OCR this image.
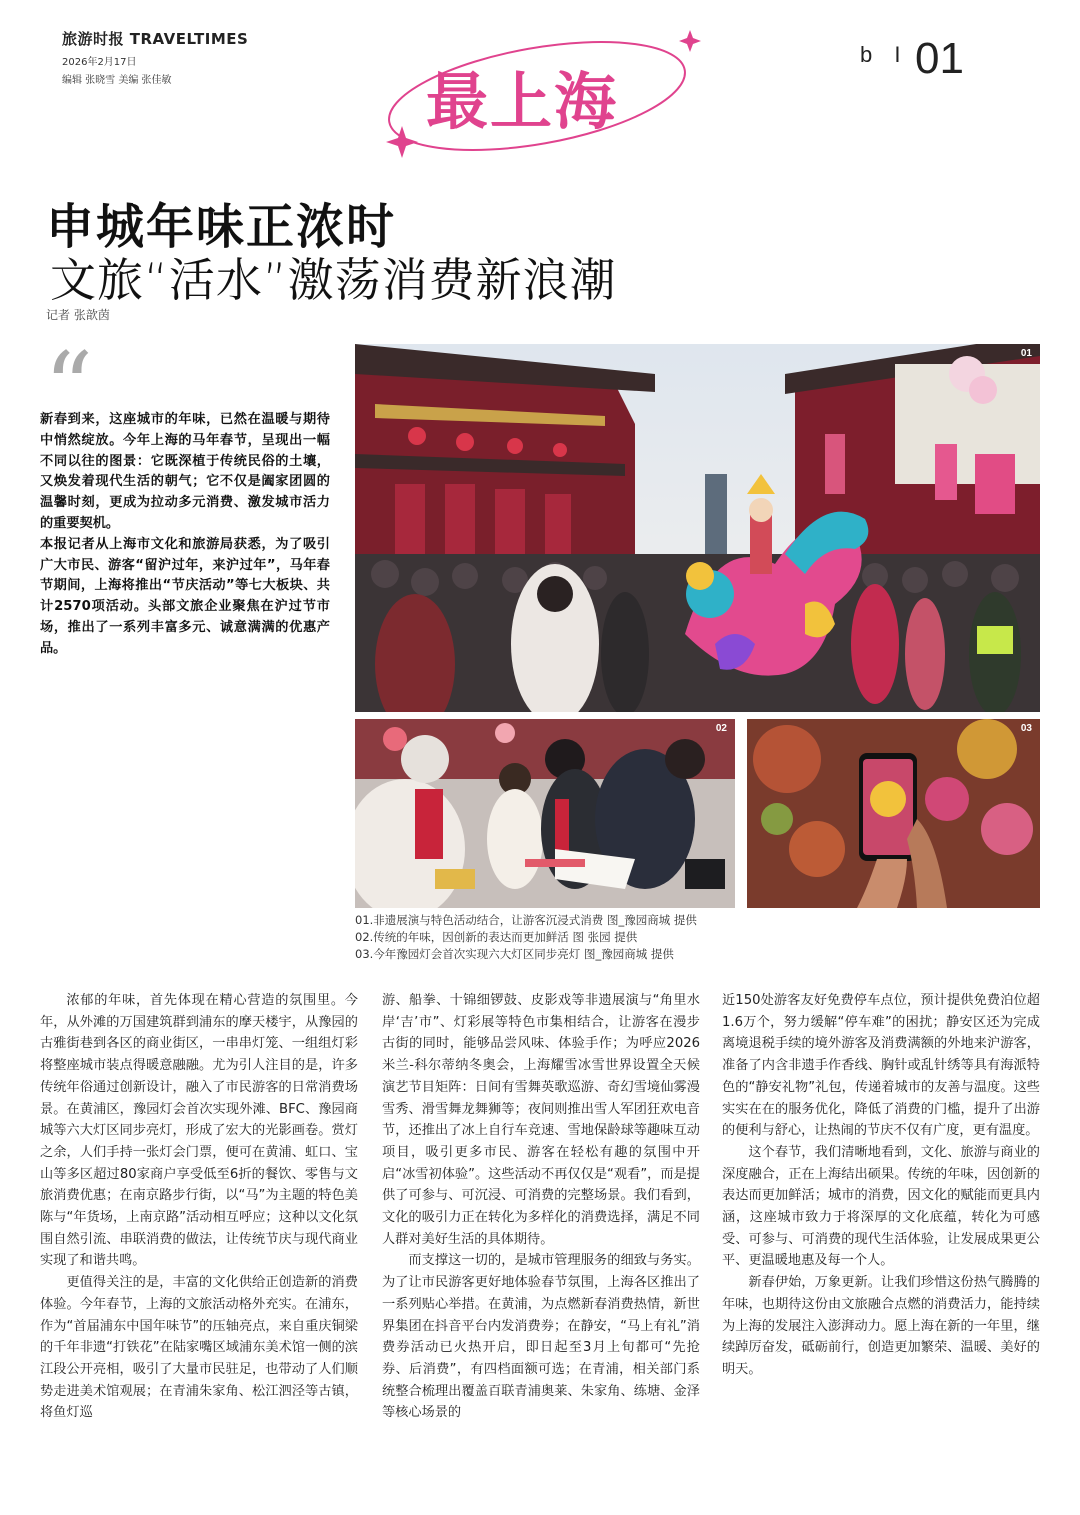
旅游时报 TRAVELTIMES
2026年2月17日
编辑 张晓雪 美编 张佳敏	最上海
b I 01
申城年味正浓时
文旅“活水”激荡消费新浪潮
记者 张歆茵
“

新春到来，这座城市的年味，已然在温暖与期待中悄然绽放。今年上海的马年春节，呈现出一幅不同以往的图景：它既深植于传统民俗的土壤，又焕发着现代生活的朝气；它不仅是阖家团圆的温馨时刻，更成为拉动多元消费、激发城市活力的重要契机。

本报记者从上海市文化和旅游局获悉，为了吸引广大市民、游客“留沪过年，来沪过年”，马年春节期间，上海将推出“节庆活动”等七大板块、共计2570项活动。头部文旅企业聚焦在沪过节市场，推出了一系列丰富多元、诚意满满的优惠产品。

01
02	03
01.非遗展演与特色活动结合，让游客沉浸式消费 图_豫园商城 提供
02.传统的年味，因创新的表达而更加鲜活 图 张园 提供
03.今年豫园灯会首次实现六大灯区同步亮灯 图_豫园商城 提供

浓郁的年味，首先体现在精心营造的氛围里。今年，从外滩的万国建筑群到浦东的摩天楼宇，从豫园的古雅街巷到各区的商业街区，一串串灯笼、一组组灯彩将整座城市装点得暖意融融。尤为引人注目的是，许多传统年俗通过创新设计，融入了市民游客的日常消费场景。在黄浦区，豫园灯会首次实现外滩、BFC、豫园商城等六大灯区同步亮灯，形成了宏大的光影画卷。赏灯之余，人们手持一张灯会门票，便可在黄浦、虹口、宝山等多区超过80家商户享受低至6折的餐饮、零售与文旅消费优惠；在南京路步行街，以“马”为主题的特色美陈与“年货场，上南京路”活动相互呼应；这种以文化氛围自然引流、串联消费的做法，让传统节庆与现代商业实现了和谐共鸣。

更值得关注的是，丰富的文化供给正创造新的消费体验。今年春节，上海的文旅活动格外充实。在浦东，作为“首届浦东中国年味节”的压轴亮点，来自重庆铜梁的千年非遗“打铁花”在陆家嘴区域浦东美术馆一侧的滨江段公开亮相，吸引了大量市民驻足，也带动了人们顺势走进美术馆观展；在青浦朱家角、松江泗泾等古镇，将鱼灯巡

游、船拳、十锦细锣鼓、皮影戏等非遗展演与“角里水岸‘吉’市”、灯彩展等特色市集相结合，让游客在漫步古街的同时，能够品尝风味、体验手作；为呼应2026米兰-科尔蒂纳冬奥会，上海耀雪冰雪世界设置全天候演艺节目矩阵：日间有雪舞英歌巡游、奇幻雪境仙雾漫雪秀、滑雪舞龙舞狮等；夜间则推出雪人军团狂欢电音节，还推出了冰上自行车竞速、雪地保龄球等趣味互动项目，吸引更多市民、游客在轻松有趣的氛围中开启“冰雪初体验”。这些活动不再仅仅是“观看”，而是提供了可参与、可沉浸、可消费的完整场景。我们看到，文化的吸引力正在转化为多样化的消费选择，满足不同人群对美好生活的具体期待。

而支撑这一切的，是城市管理服务的细致与务实。为了让市民游客更好地体验春节氛围，上海各区推出了一系列贴心举措。在黄浦，为点燃新春消费热情，新世界集团在抖音平台内发消费券；在静安，“马上有礼”消费券活动已火热开启，即日起至3月上旬都可“先抢券、后消费”，有四档面额可选；在青浦，相关部门系统整合梳理出覆盖百联青浦奥莱、朱家角、练塘、金泽等核心场景的

近150处游客友好免费停车点位，预计提供免费泊位超1.6万个，努力缓解“停车难”的困扰；静安区还为完成离境退税手续的境外游客及消费满额的外地来沪游客，准备了内含非遗手作香线、胸针或乱针绣等具有海派特色的“静安礼物”礼包，传递着城市的友善与温度。这些实实在在的服务优化，降低了消费的门槛，提升了出游的便利与舒心，让热闹的节庆不仅有广度，更有温度。

这个春节，我们清晰地看到，文化、旅游与商业的深度融合，正在上海结出硕果。传统的年味，因创新的表达而更加鲜活；城市的消费，因文化的赋能而更具内涵，这座城市致力于将深厚的文化底蕴，转化为可感受、可参与、可消费的现代生活体验，让发展成果更公平、更温暖地惠及每一个人。

新春伊始，万象更新。让我们珍惜这份热气腾腾的年味，也期待这份由文旅融合点燃的消费活力，能持续为上海的发展注入澎湃动力。愿上海在新的一年里，继续踔厉奋发，砥砺前行，创造更加繁荣、温暖、美好的明天。
